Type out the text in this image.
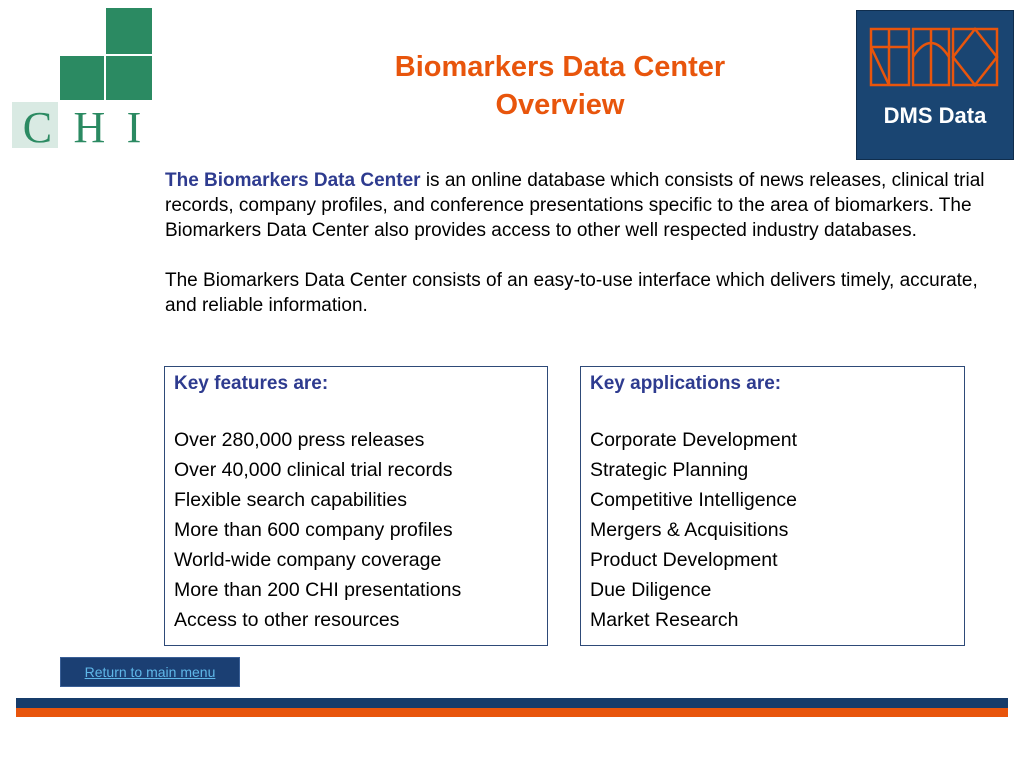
C H I
Biomarkers Data Center
Overview	DMS Data

The Biomarkers Data Center is an online database which consists of news releases, clinical trial records, company profiles, and conference presentations specific to the area of biomarkers. The Biomarkers Data Center also provides access to other well respected industry databases.

The Biomarkers Data Center consists of an easy-to-use interface which delivers timely, accurate, and reliable information.

Key features are:
Over 280,000 press releases
Over 40,000 clinical trial records
Flexible search capabilities
More than 600 company profiles
World-wide company coverage
More than 200 CHI presentations
Access to other resources
Key applications are:
Corporate Development
Strategic Planning
Competitive Intelligence
Mergers & Acquisitions
Product Development
Due Diligence
Market Research
Return to main menu
